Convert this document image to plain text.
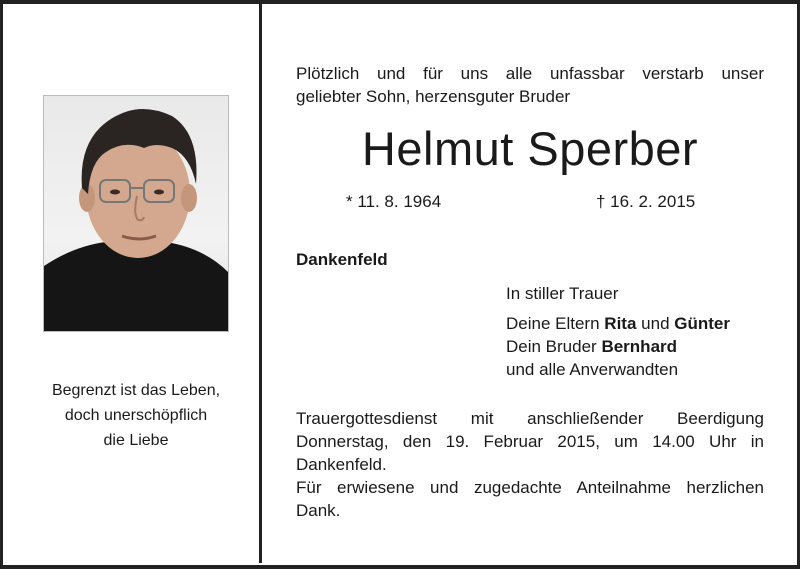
Begrenzt ist das Leben,
doch unerschöpflich
die Liebe
Plötzlich und für uns alle unfassbar verstarb unser
geliebter Sohn, herzensguter Bruder
Helmut Sperber
* 11. 8. 1964	† 16. 2. 2015
Dankenfeld
In stiller Trauer
Deine Eltern Rita und Günter
Dein Bruder Bernhard
und alle Anverwandten
Trauergottesdienst mit anschließender Beerdigung
Donnerstag, den 19. Februar 2015, um 14.00 Uhr in
Dankenfeld.
Für erwiesene und zugedachte Anteilnahme herzlichen
Dank.
